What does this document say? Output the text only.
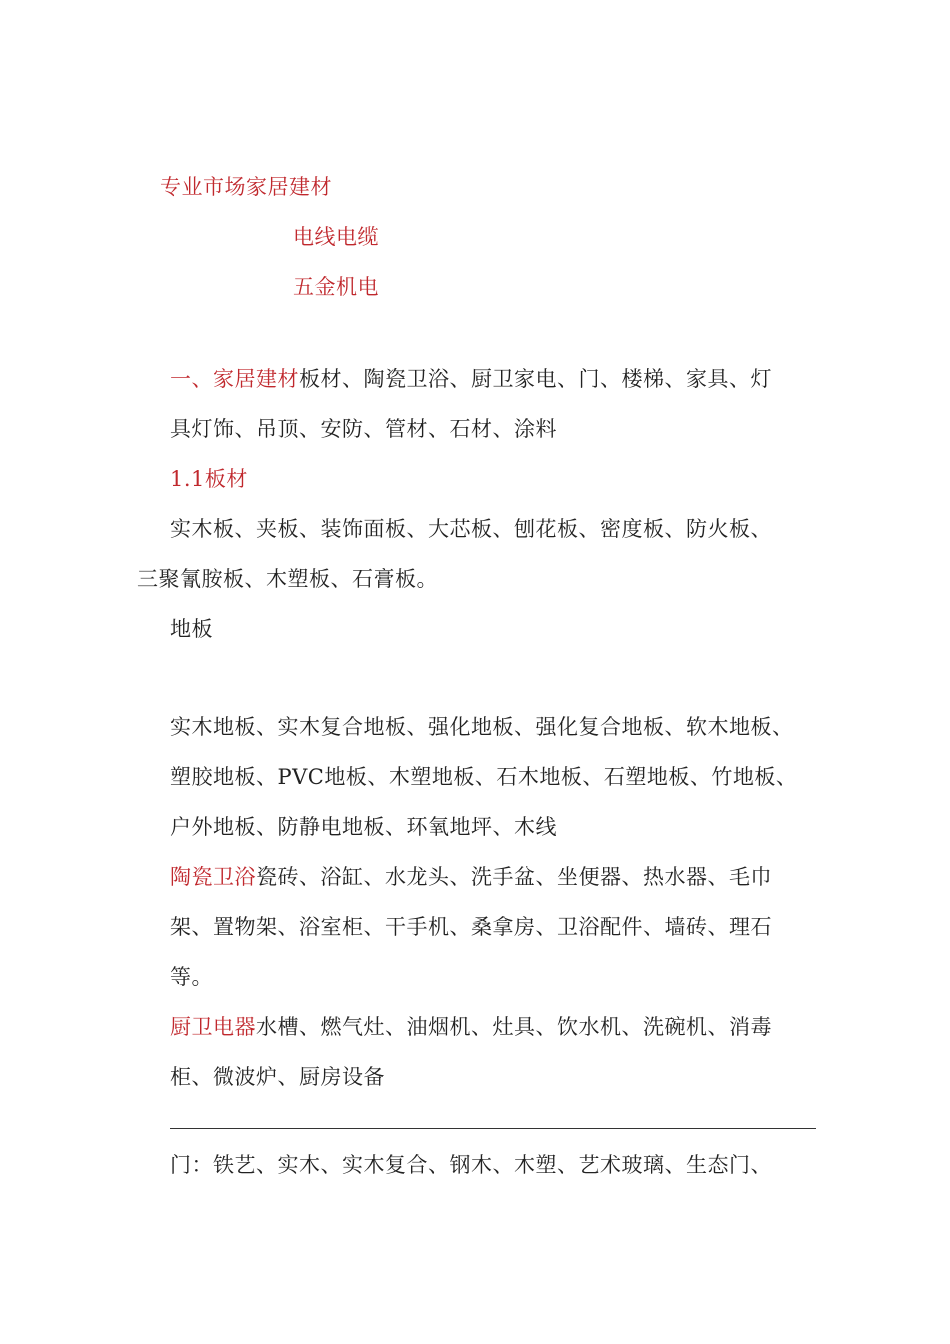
专业市场家居建材
电线电缆
五金机电
一、家居建材板材、陶瓷卫浴、厨卫家电、门、楼梯、家具、灯
具灯饰、吊顶、安防、管材、石材、涂料
1.1板材
实木板、夹板、装饰面板、大芯板、刨花板、密度板、防火板、
三聚氰胺板、木塑板、石膏板。
地板
实木地板、实木复合地板、强化地板、强化复合地板、软木地板、
塑胶地板、PVC地板、木塑地板、石木地板、石塑地板、竹地板、
户外地板、防静电地板、环氧地坪、木线
陶瓷卫浴瓷砖、浴缸、水龙头、洗手盆、坐便器、热水器、毛巾
架、置物架、浴室柜、干手机、桑拿房、卫浴配件、墙砖、理石
等。
厨卫电器水槽、燃气灶、油烟机、灶具、饮水机、洗碗机、消毒
柜、微波炉、厨房设备
门：铁艺、实木、实木复合、钢木、木塑、艺术玻璃、生态门、
